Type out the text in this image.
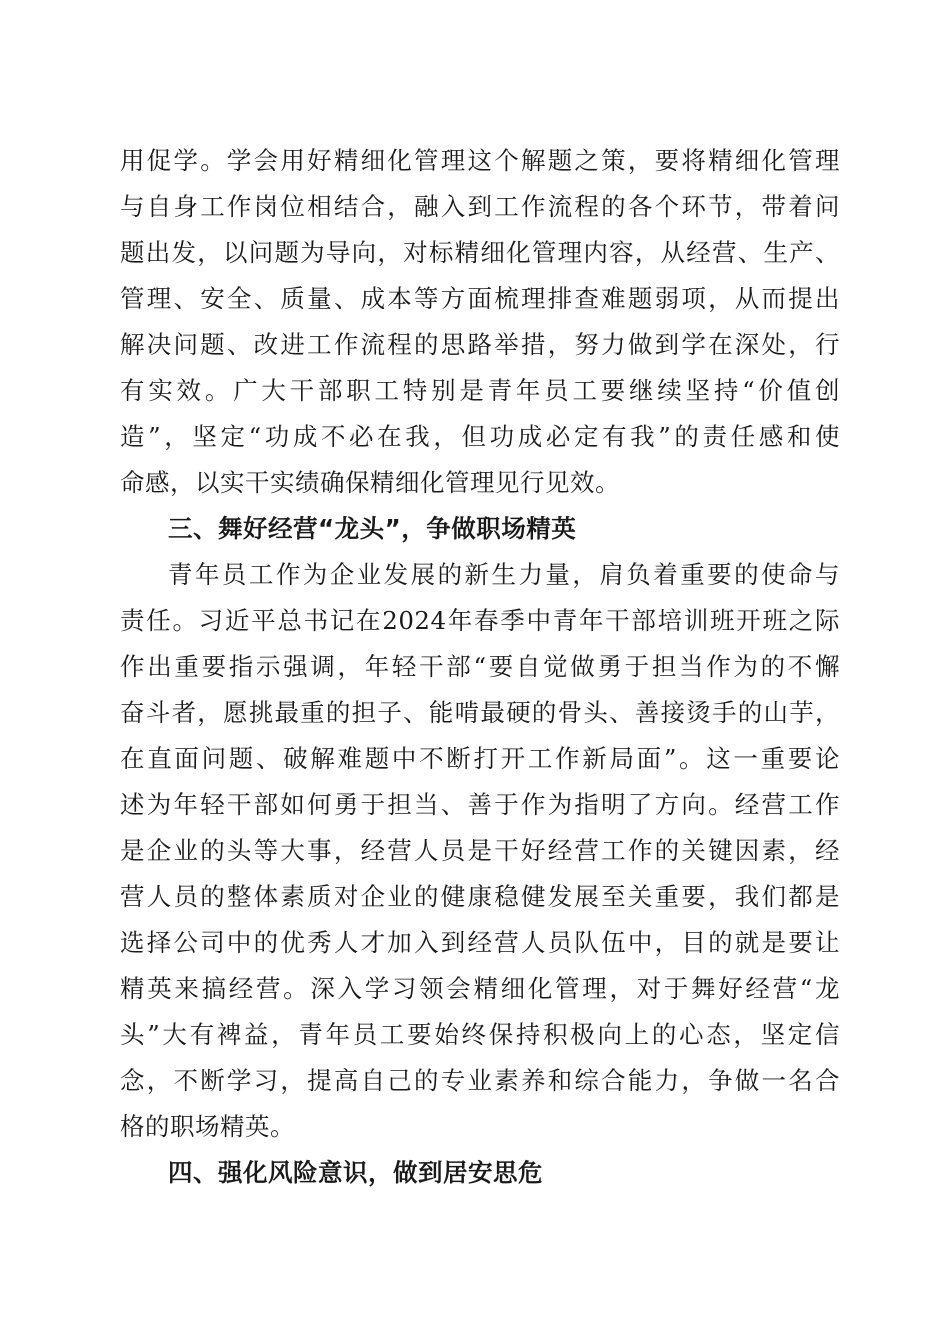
用促学。学会用好精细化管理这个解题之策，要将精细化管理
与自身工作岗位相结合，融入到工作流程的各个环节，带着问
题出发，以问题为导向，对标精细化管理内容，从经营、生产、
管理、安全、质量、成本等方面梳理排查难题弱项，从而提出
解决问题、改进工作流程的思路举措，努力做到学在深处，行
有实效。广大干部职工特别是青年员工要继续坚持“价值创
造”，坚定“功成不必在我，但功成必定有我”的责任感和使
命感，以实干实绩确保精细化管理见行见效。
三、舞好经营“龙头”，争做职场精英
青年员工作为企业发展的新生力量，肩负着重要的使命与
责任。习近平总书记在2024年春季中青年干部培训班开班之际
作出重要指示强调，年轻干部“要自觉做勇于担当作为的不懈
奋斗者，愿挑最重的担子、能啃最硬的骨头、善接烫手的山芋，
在直面问题、破解难题中不断打开工作新局面”。这一重要论
述为年轻干部如何勇于担当、善于作为指明了方向。经营工作
是企业的头等大事，经营人员是干好经营工作的关键因素，经
营人员的整体素质对企业的健康稳健发展至关重要，我们都是
选择公司中的优秀人才加入到经营人员队伍中，目的就是要让
精英来搞经营。深入学习领会精细化管理，对于舞好经营“龙
头”大有裨益，青年员工要始终保持积极向上的心态，坚定信
念，不断学习，提高自己的专业素养和综合能力，争做一名合
格的职场精英。
四、强化风险意识，做到居安思危
